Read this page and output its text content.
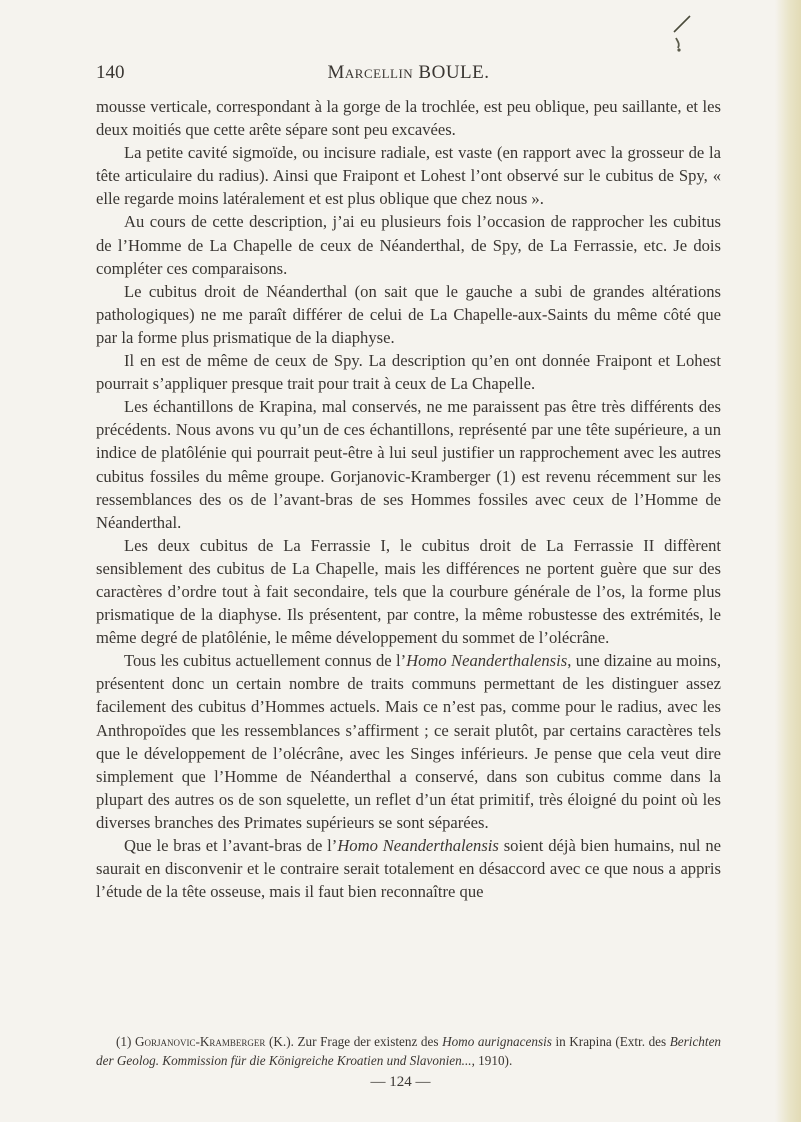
140	Marcellin BOULE.

mousse verticale, correspondant à la gorge de la trochlée, est peu oblique, peu saillante, et les deux moitiés que cette arête sépare sont peu excavées.

La petite cavité sigmoïde, ou incisure radiale, est vaste (en rapport avec la grosseur de la tête articulaire du radius). Ainsi que Fraipont et Lohest l’ont observé sur le cubitus de Spy, « elle regarde moins latéralement et est plus oblique que chez nous ».

Au cours de cette description, j’ai eu plusieurs fois l’occasion de rapprocher les cubitus de l’Homme de La Chapelle de ceux de Néanderthal, de Spy, de La Ferrassie, etc. Je dois compléter ces comparaisons.

Le cubitus droit de Néanderthal (on sait que le gauche a subi de grandes altérations pathologiques) ne me paraît différer de celui de La Chapelle-aux-Saints du même côté que par la forme plus prismatique de la diaphyse.

Il en est de même de ceux de Spy. La description qu’en ont donnée Fraipont et Lohest pourrait s’appliquer presque trait pour trait à ceux de La Chapelle.

Les échantillons de Krapina, mal conservés, ne me paraissent pas être très différents des précédents. Nous avons vu qu’un de ces échantillons, représenté par une tête supérieure, a un indice de platôlénie qui pourrait peut-être à lui seul justifier un rapprochement avec les autres cubitus fossiles du même groupe. Gorjanovic-Kramberger (1) est revenu récemment sur les ressemblances des os de l’avant-bras de ses Hommes fossiles avec ceux de l’Homme de Néanderthal.

Les deux cubitus de La Ferrassie I, le cubitus droit de La Ferrassie II diffèrent sensiblement des cubitus de La Chapelle, mais les différences ne portent guère que sur des caractères d’ordre tout à fait secondaire, tels que la courbure générale de l’os, la forme plus prismatique de la diaphyse. Ils présentent, par contre, la même robustesse des extrémités, le même degré de platôlénie, le même développement du sommet de l’olécrâne.

Tous les cubitus actuellement connus de l’Homo Neanderthalensis, une dizaine au moins, présentent donc un certain nombre de traits communs permettant de les distinguer assez facilement des cubitus d’Hommes actuels. Mais ce n’est pas, comme pour le radius, avec les Anthropoïdes que les ressemblances s’affirment ; ce serait plutôt, par certains caractères tels que le développement de l’olécrâne, avec les Singes inférieurs. Je pense que cela veut dire simplement que l’Homme de Néanderthal a conservé, dans son cubitus comme dans la plupart des autres os de son squelette, un reflet d’un état primitif, très éloigné du point où les diverses branches des Primates supérieurs se sont séparées.

Que le bras et l’avant-bras de l’Homo Neanderthalensis soient déjà bien humains, nul ne saurait en disconvenir et le contraire serait totalement en désaccord avec ce que nous a appris l’étude de la tête osseuse, mais il faut bien reconnaître que

(1) Gorjanovic-Kramberger (K.). Zur Frage der existenz des Homo aurignacensis in Krapina (Extr. des Berichten der Geolog. Kommission für die Königreiche Kroatien und Slavonien..., 1910).
— 124 —
